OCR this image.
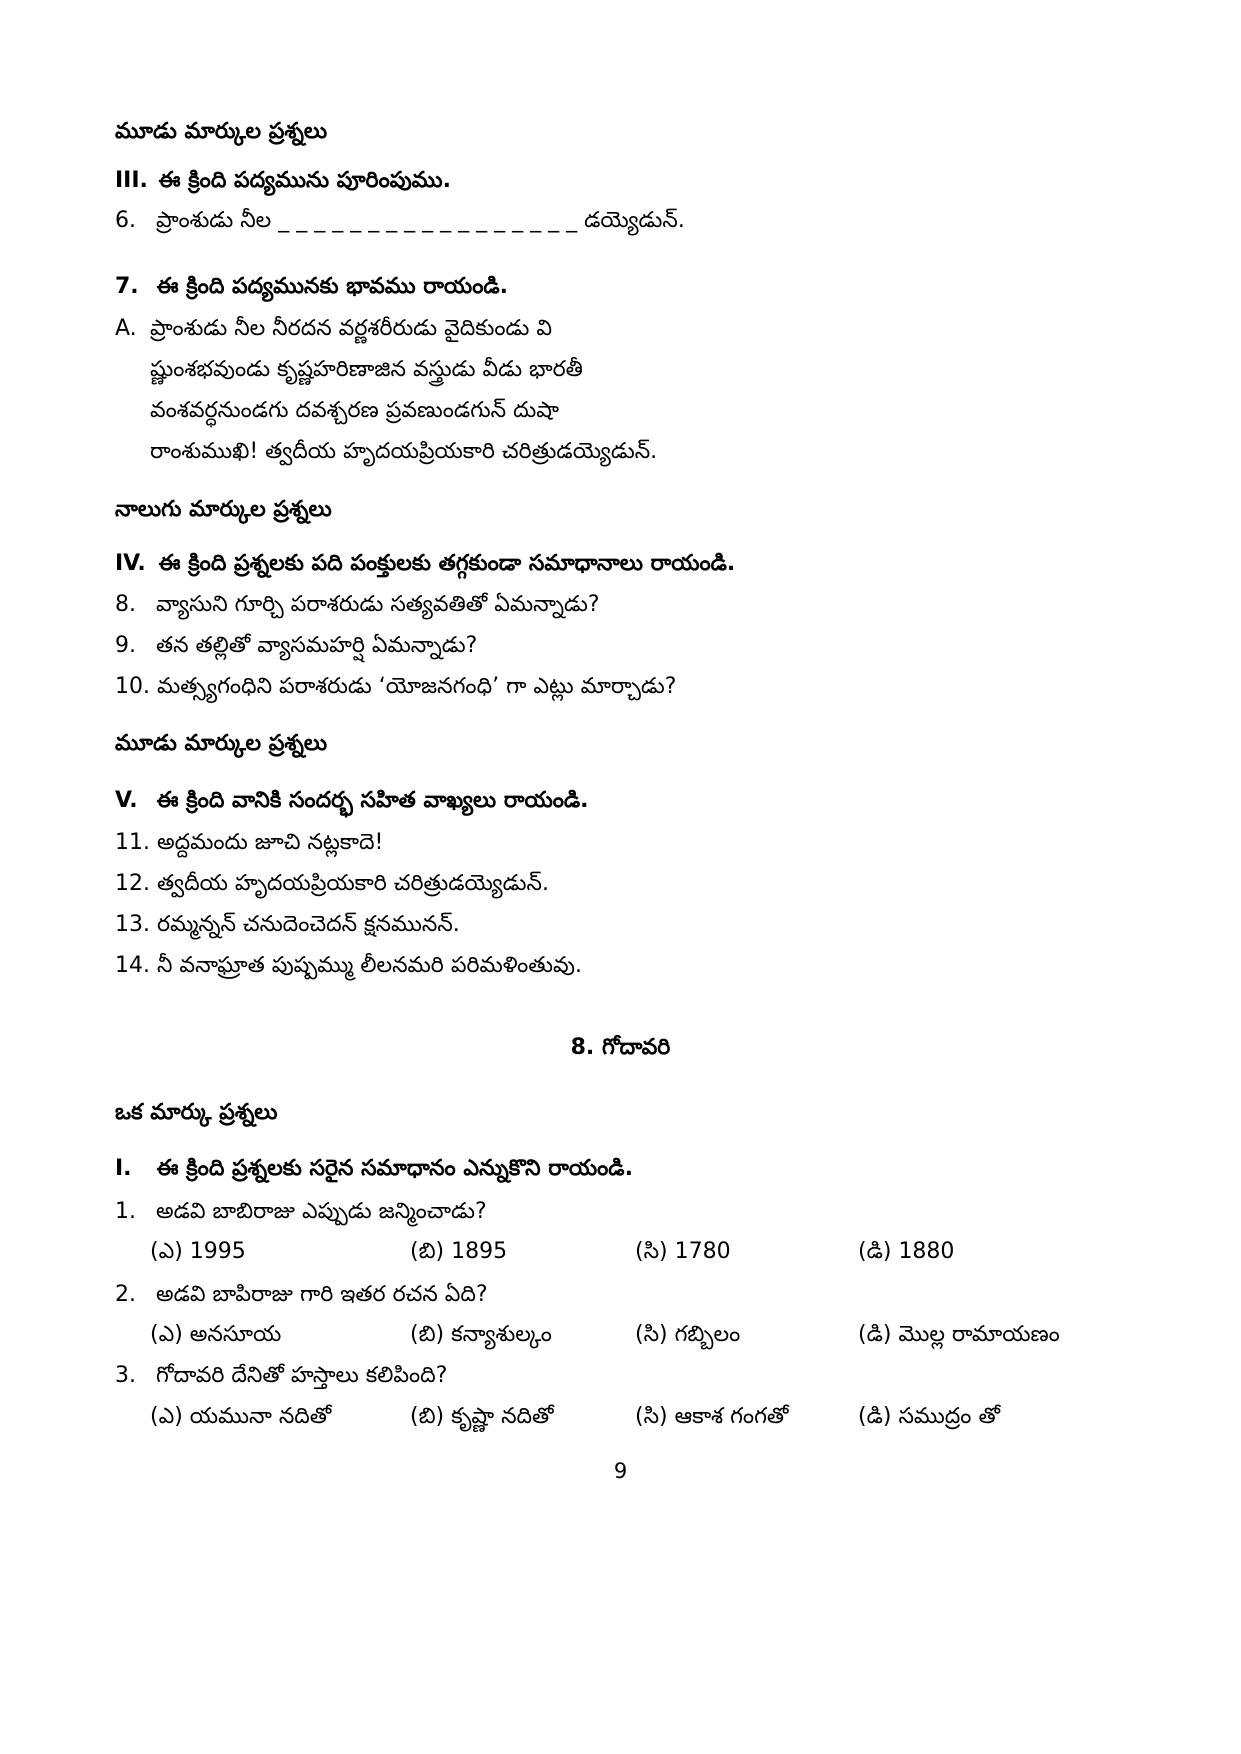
మూడు మార్కుల ప్రశ్నలు
III. ఈ క్రింది పద్యమును పూరింపుము.
6. ప్రాంశుడు నీల _ _ _ _ _ _ _ _ _ _ _ _ _ _ _ _ _ డయ్యెడున్.
7. ఈ క్రింది పద్యమునకు భావము రాయండి.
A. ప్రాంశుడు నీల నీరదన వర్ణశరీరుడు వైదికుండు వి
ష్ణుంశభవుండు కృష్ణహరిణాజిన వస్త్రుడు వీడు భారతీ
వంశవర్ధనుండగు దవశ్చరణ ప్రవణుండగున్ దుషా
రాంశుముఖి! త్వదీయ హృదయప్రియకారి చరిత్రుడయ్యెడున్.
నాలుగు మార్కుల ప్రశ్నలు
IV. ఈ క్రింది ప్రశ్నలకు పది పంక్తులకు తగ్గకుండా సమాధానాలు రాయండి.
8. వ్యాసుని గూర్చి పరాశరుడు సత్యవతితో ఏమన్నాడు?
9. తన తల్లితో వ్యాసమహర్షి ఏమన్నాడు?
10. మత్స్యగంధిని పరాశరుడు ‘యోజనగంధి’ గా ఎట్లు మార్చాడు?
మూడు మార్కుల ప్రశ్నలు
V. ఈ క్రింది వానికి సందర్భ సహిత వాఖ్యలు రాయండి.
11. అద్దమందు జూచి నట్లకాదె!
12. త్వదీయ హృదయప్రియకారి చరిత్రుడయ్యెడున్.
13. రమ్మన్నన్ చనుదెంచెదన్ క్షనమునన్.
14. నీ వనాఘ్రాత పుష్పమ్ము లీలనమరి పరిమళింతువు.
8. గోదావరి
ఒక మార్కు ప్రశ్నలు
I. ఈ క్రింది ప్రశ్నలకు సరైన సమాధానం ఎన్నుకొని రాయండి.
1. అడవి బాబిరాజు ఎప్పుడు జన్మించాడు?
(ఎ) 1995	(బి) 1895	(సి) 1780	(డి) 1880
2. అడవి బాపిరాజు గారి ఇతర రచన ఏది?
(ఎ) అనసూయ	(బి) కన్యాశుల్కం	(సి) గబ్బిలం	(డి) మొల్ల రామాయణం
3. గోదావరి దేనితో హస్తాలు కలిపింది?
(ఎ) యమునా నదితో	(బి) కృష్ణా నదితో	(సి) ఆకాశ గంగతో	(డి) సముద్రం తో
9
